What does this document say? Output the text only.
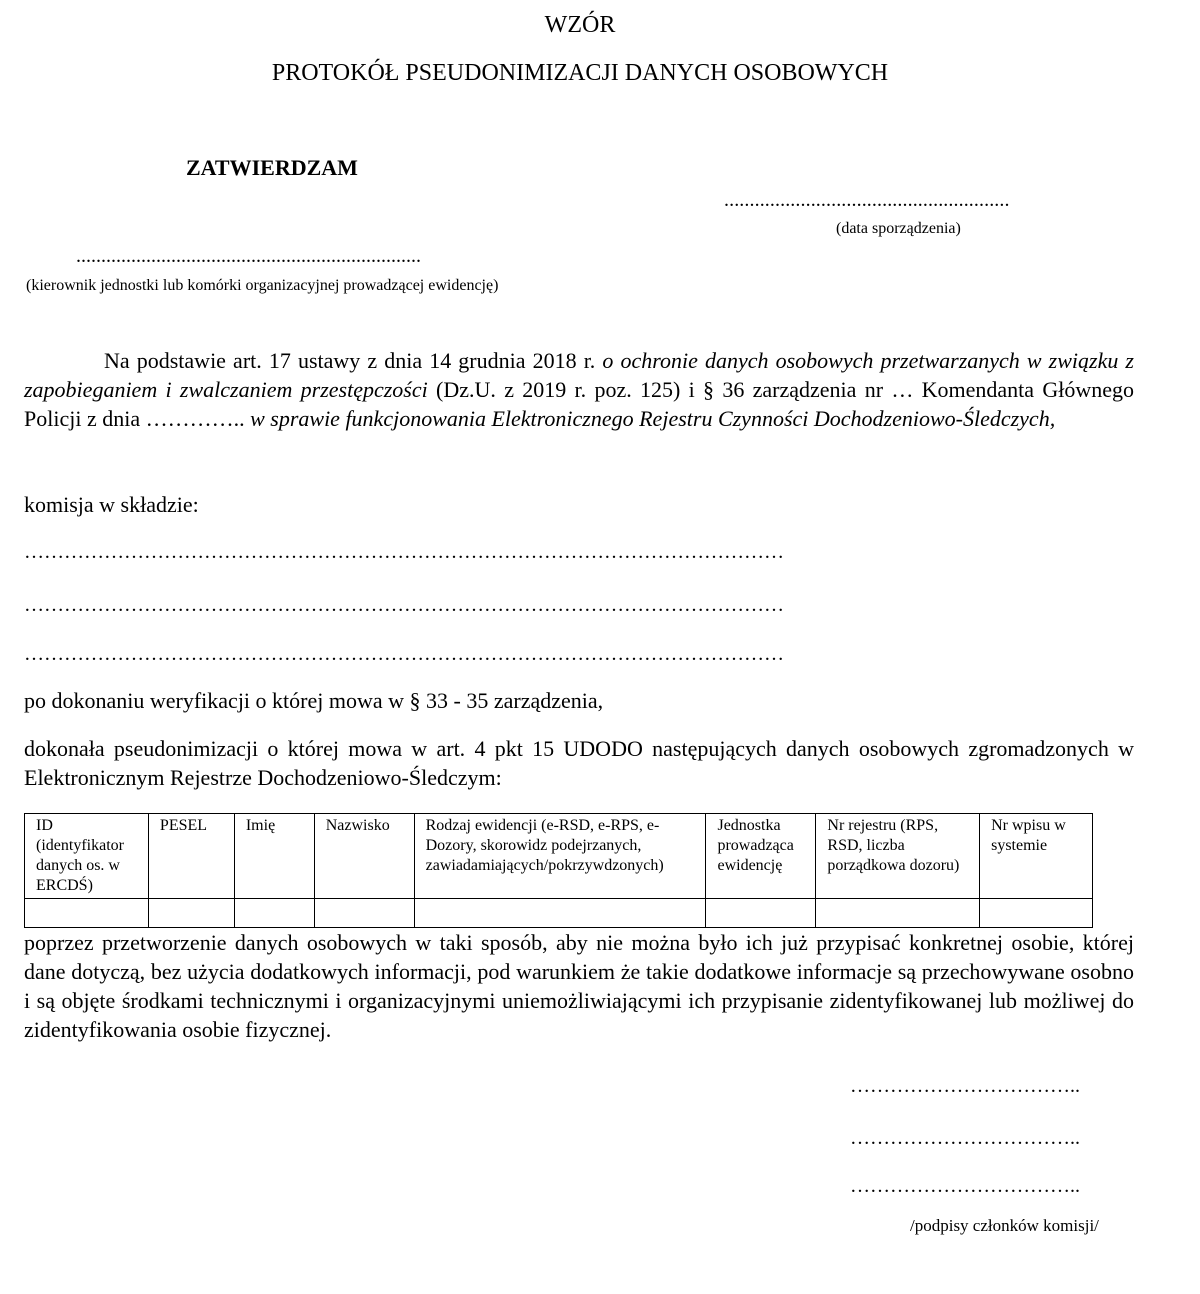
WZÓR
PROTOKÓŁ PSEUDONIMIZACJI DANYCH OSOBOWYCH
ZATWIERDZAM
........................................................
(data sporządzenia)
.....................................................................
(kierownik jednostki lub komórki organizacyjnej prowadzącej ewidencję)
Na podstawie art. 17 ustawy z dnia 14 grudnia 2018 r. o ochronie danych osobowych przetwarzanych w związku z zapobieganiem i zwalczaniem przestępczości (Dz.U. z 2019 r. poz. 125) i § 36 zarządzenia nr … Komendanta Głównego Policji z dnia ………….. w sprawie funkcjonowania Elektronicznego Rejestru Czynności Dochodzeniowo-Śledczych,
komisja w składzie:
……………………………………………………………………………………………………
……………………………………………………………………………………………………
……………………………………………………………………………………………………
po dokonaniu weryfikacji o której mowa w § 33 - 35 zarządzenia,
dokonała pseudonimizacji o której mowa w art. 4 pkt 15 UDODO następujących danych osobowych zgromadzonych w Elektronicznym Rejestrze Dochodzeniowo-Śledczym:
ID (identyfikator danych os. w ERCDŚ)	PESEL	Imię	Nazwisko	Rodzaj ewidencji (e-RSD, e-RPS, e-Dozory, skorowidz podejrzanych, zawiadamiających/pokrzywdzonych)	Jednostka prowadząca ewidencję	Nr rejestru (RPS, RSD, liczba porządkowa dozoru)	Nr wpisu w systemie

poprzez przetworzenie danych osobowych w taki sposób, aby nie można było ich już przypisać konkretnej osobie, której dane dotyczą, bez użycia dodatkowych informacji, pod warunkiem że takie dodatkowe informacje są przechowywane osobno i są objęte środkami technicznymi i organizacyjnymi uniemożliwiającymi ich przypisanie zidentyfikowanej lub możliwej do zidentyfikowania osobie fizycznej.
……………………………..
……………………………..
……………………………..
/podpisy członków komisji/
